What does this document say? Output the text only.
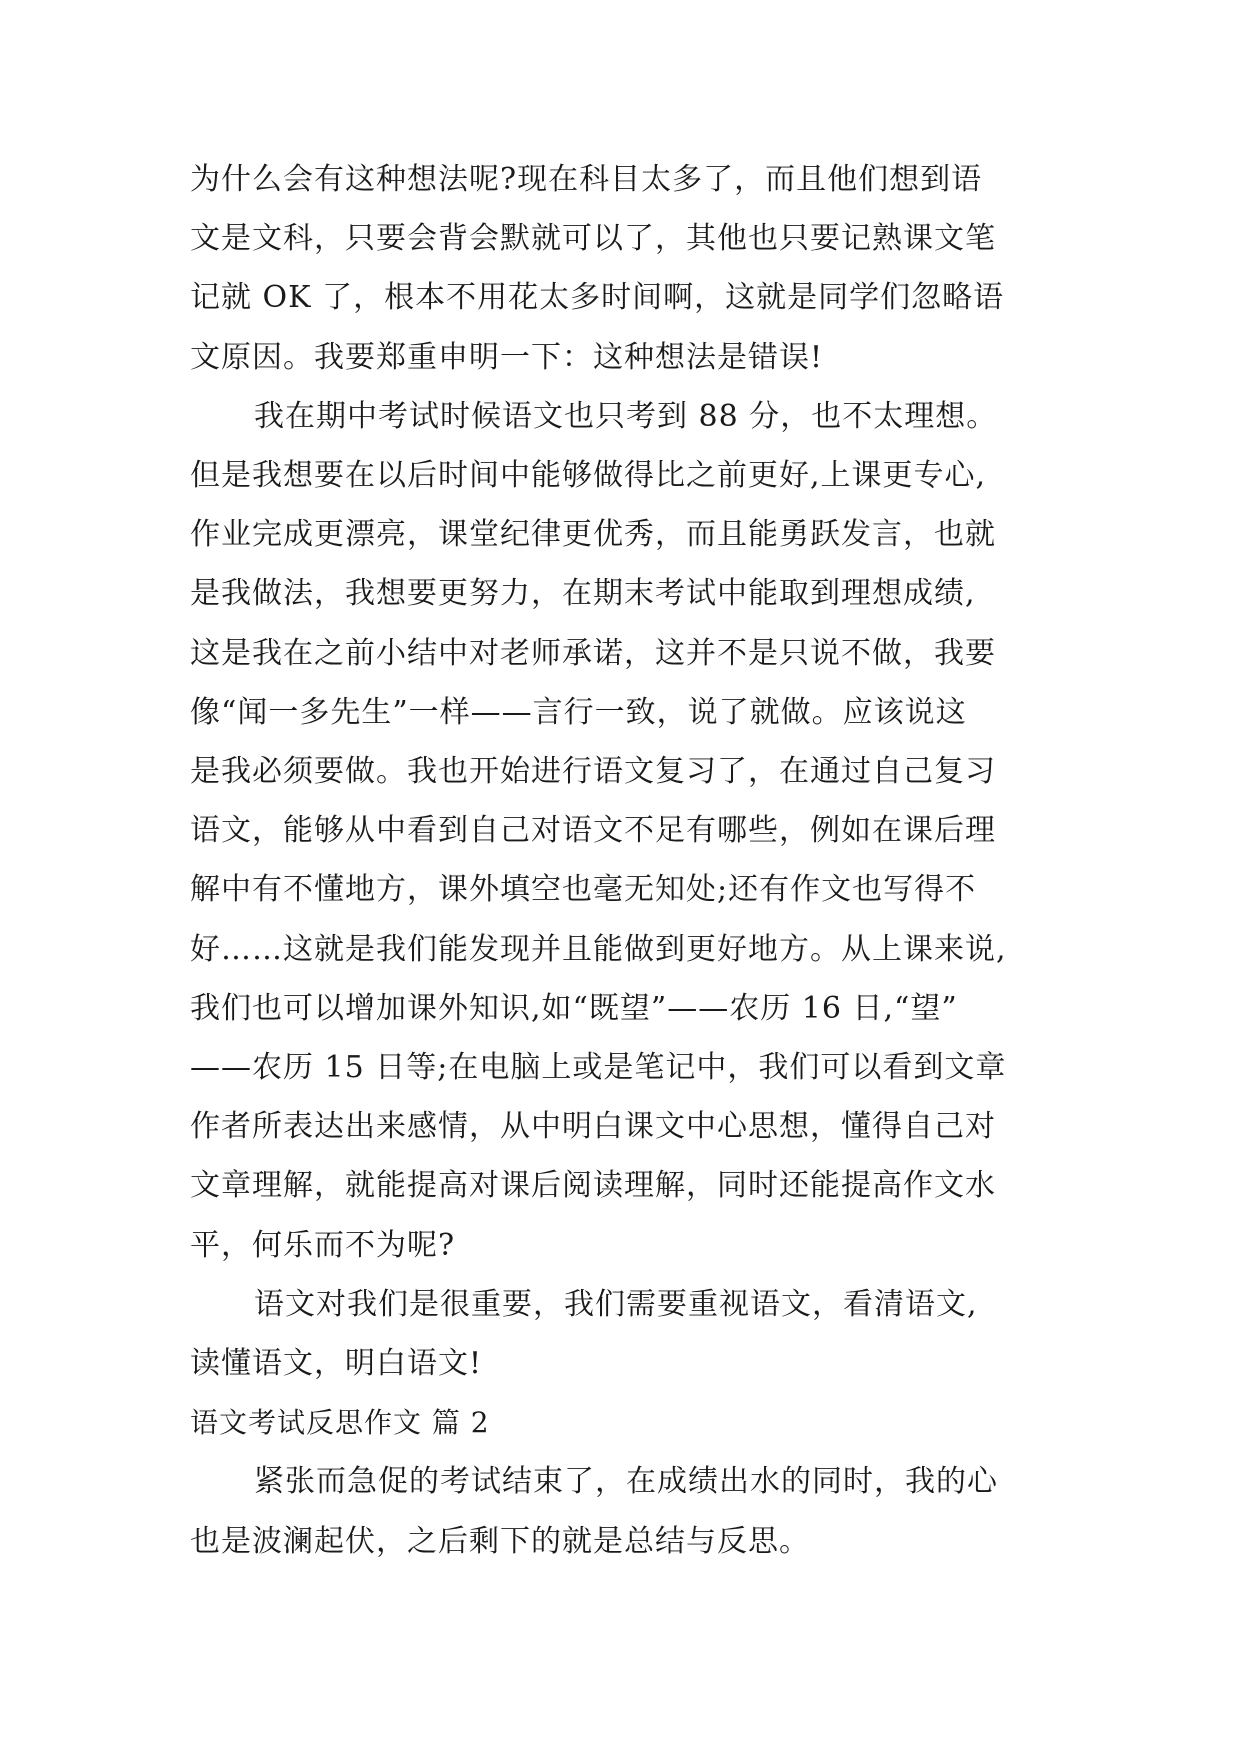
为什么会有这种想法呢?现在科目太多了，而且他们想到语
文是文科，只要会背会默就可以了，其他也只要记熟课文笔
记就 OK 了，根本不用花太多时间啊，这就是同学们忽略语
文原因。我要郑重申明一下：这种想法是错误!

我在期中考试时候语文也只考到 88 分，也不太理想。
但是我想要在以后时间中能够做得比之前更好,上课更专心,
作业完成更漂亮，课堂纪律更优秀，而且能勇跃发言，也就
是我做法，我想要更努力，在期末考试中能取到理想成绩,
这是我在之前小结中对老师承诺，这并不是只说不做，我要
像“闻一多先生”一样——言行一致，说了就做。应该说这
是我必须要做。我也开始进行语文复习了，在通过自己复习
语文，能够从中看到自己对语文不足有哪些，例如在课后理
解中有不懂地方，课外填空也毫无知处;还有作文也写得不
好……这就是我们能发现并且能做到更好地方。从上课来说,
我们也可以增加课外知识,如“既望”——农历 16 日,“望”
——农历 15 日等;在电脑上或是笔记中，我们可以看到文章
作者所表达出来感情，从中明白课文中心思想，懂得自己对
文章理解，就能提高对课后阅读理解，同时还能提高作文水
平，何乐而不为呢?

语文对我们是很重要，我们需要重视语文，看清语文,
读懂语文，明白语文!

语文考试反思作文 篇 2

紧张而急促的考试结束了，在成绩出水的同时，我的心
也是波澜起伏，之后剩下的就是总结与反思。
